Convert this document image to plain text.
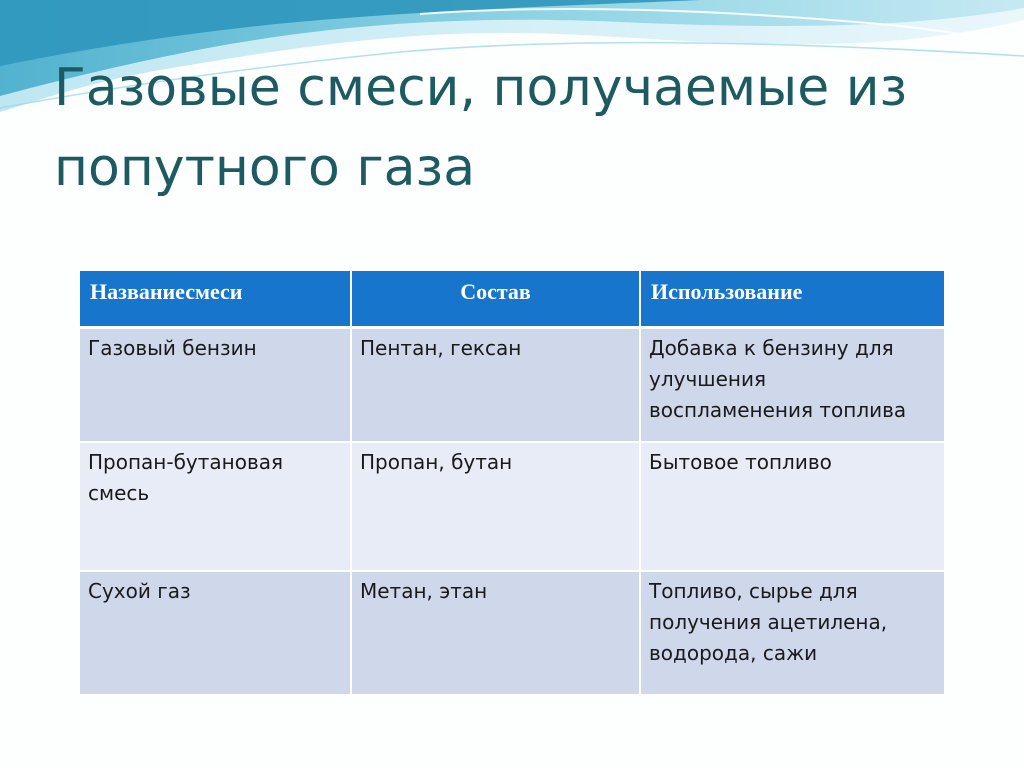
Газовые смеси, получаемые из попутного газа
Названиесмеси	Состав	Использование
Газовый бензин	Пентан, гексан	Добавка к бензину для улучшения воспламенения топлива
Пропан-бутановая смесь	Пропан, бутан	Бытовое топливо
Сухой газ	Метан, этан	Топливо, сырье для получения ацетилена, водорода, сажи
